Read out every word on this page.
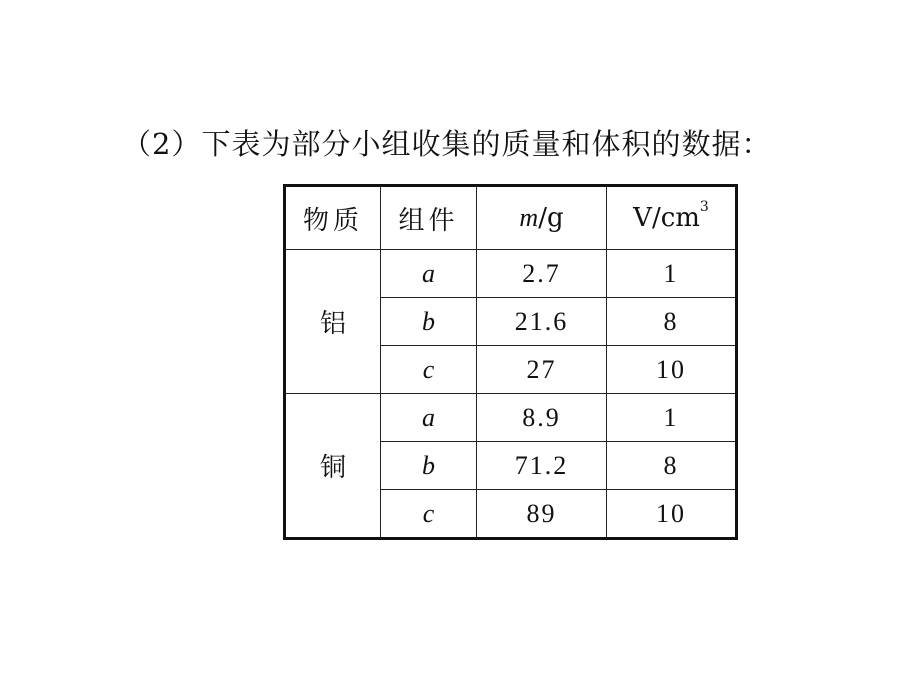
（2）下表为部分小组收集的质量和体积的数据：
物质	组件	m/g	$V/cm^3$
铝	a	2.7	1
	b	21.6	8
	c	27	10
铜	a	8.9	1
	b	71.2	8
	c	89	10
